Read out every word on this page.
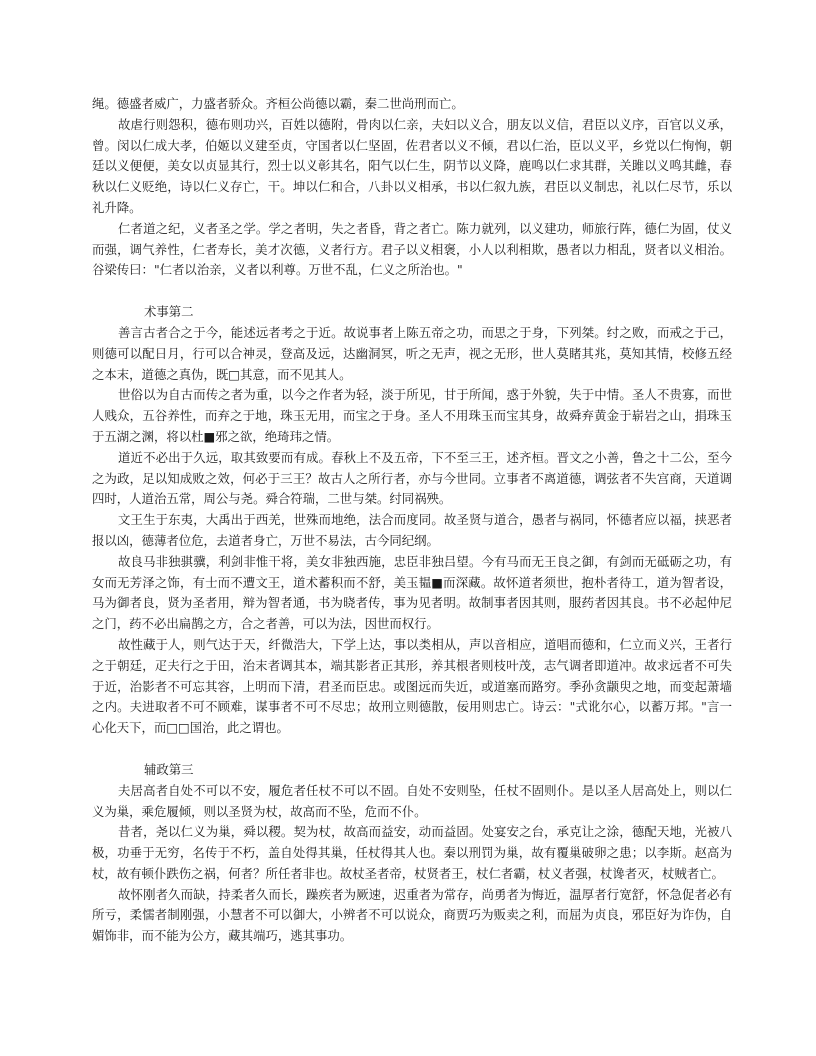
绳。德盛者威广，力盛者骄众。齐桓公尚德以霸，秦二世尚刑而亡。

故虐行则怨积，德布则功兴，百姓以德附，骨肉以仁亲，夫妇以义合，朋友以义信，君臣以义序，百官以义承，曾。闵以仁成大孝，伯姬以义建至贞，守国者以仁坚固，佐君者以义不倾，君以仁治，臣以义平，乡党以仁恂恂，朝廷以义便便，美女以贞显其行，烈士以义彰其名，阳气以仁生，阴节以义降，鹿鸣以仁求其群，关雎以义鸣其雌，春秋以仁义贬绝，诗以仁义存亡，干。坤以仁和合，八卦以义相承，书以仁叙九族，君臣以义制忠，礼以仁尽节，乐以礼升降。

仁者道之纪，义者圣之学。学之者明，失之者昏，背之者亡。陈力就列，以义建功，师旅行阵，德仁为固，仗义而强，调气养性，仁者寿长，美才次德，义者行方。君子以义相褒，小人以利相欺，愚者以力相乱，贤者以义相治。谷梁传曰："仁者以治亲，义者以利尊。万世不乱，仁义之所治也。"

术事第二

善言古者合之于今，能述远者考之于近。故说事者上陈五帝之功，而思之于身，下列桀。纣之败，而戒之于己，则德可以配日月，行可以合神灵，登高及远，达幽洞冥，听之无声，视之无形，世人莫睹其兆，莫知其情，校修五经之本末，道德之真伪，既□其意，而不见其人。

世俗以为自古而传之者为重，以今之作者为轻，淡于所见，甘于所闻，惑于外貌，失于中情。圣人不贵寡，而世人贱众，五谷养性，而弃之于地，珠玉无用，而宝之于身。圣人不用珠玉而宝其身，故舜弃黄金于崭岩之山，捐珠玉于五湖之渊，将以杜■邪之欲，绝琦玮之情。

道近不必出于久远，取其致要而有成。春秋上不及五帝，下不至三王，述齐桓。晋文之小善，鲁之十二公，至今之为政，足以知成败之效，何必于三王？故古人之所行者，亦与今世同。立事者不离道德，调弦者不失宫商，天道调四时，人道治五常，周公与尧。舜合符瑞，二世与桀。纣同祸殃。

文王生于东夷，大禹出于西羌，世殊而地绝，法合而度同。故圣贤与道合，愚者与祸同，怀德者应以福，挟恶者报以凶，德薄者位危，去道者身亡，万世不易法，古今同纪纲。

故良马非独骐骥，利剑非惟干将，美女非独西施，忠臣非独吕望。今有马而无王良之御，有剑而无砥砺之功，有女而无芳泽之饰，有士而不遭文王，道术蓄积而不舒，美玉韫■而深藏。故怀道者须世，抱朴者待工，道为智者设，马为御者良，贤为圣者用，辩为智者通，书为晓者传，事为见者明。故制事者因其则，服药者因其良。书不必起仲尼之门，药不必出扁鹊之方，合之者善，可以为法，因世而权行。

故性藏于人，则气达于天，纤微浩大，下学上达，事以类相从，声以音相应，道唱而德和，仁立而义兴，王者行之于朝廷，疋夫行之于田，治末者调其本，端其影者正其形，养其根者则枝叶茂，志气调者即道冲。故求远者不可失于近，治影者不可忘其容，上明而下清，君圣而臣忠。或图远而失近，或道塞而路穷。季孙贪颛臾之地，而变起萧墙之内。夫进取者不可不顾难，谋事者不可不尽忠；故刑立则德散，佞用则忠亡。诗云："式讹尔心，以蓄万邦。"言一心化天下，而□□国治，此之谓也。

辅政第三

夫居高者自处不可以不安，履危者任杖不可以不固。自处不安则坠，任杖不固则仆。是以圣人居高处上，则以仁义为巢，乘危履倾，则以圣贤为杖，故高而不坠，危而不仆。

昔者，尧以仁义为巢，舜以稷。契为杖，故高而益安，动而益固。处宴安之台，承克让之涂，德配天地，光被八极，功垂于无穷，名传于不朽，盖自处得其巢，任杖得其人也。秦以刑罚为巢，故有覆巢破卵之患；以李斯。赵高为杖，故有顿仆跌伤之祸，何者？所任者非也。故杖圣者帝，杖贤者王，杖仁者霸，杖义者强，杖谗者灭，杖贼者亡。

故怀刚者久而缺，持柔者久而长，躁疾者为厥速，迟重者为常存，尚勇者为悔近，温厚者行宽舒，怀急促者必有所亏，柔懦者制刚强，小慧者不可以御大，小辨者不可以说众，商贾巧为贩卖之利，而屈为贞良，邪臣好为诈伪，自媚饰非，而不能为公方，藏其端巧，逃其事功。
